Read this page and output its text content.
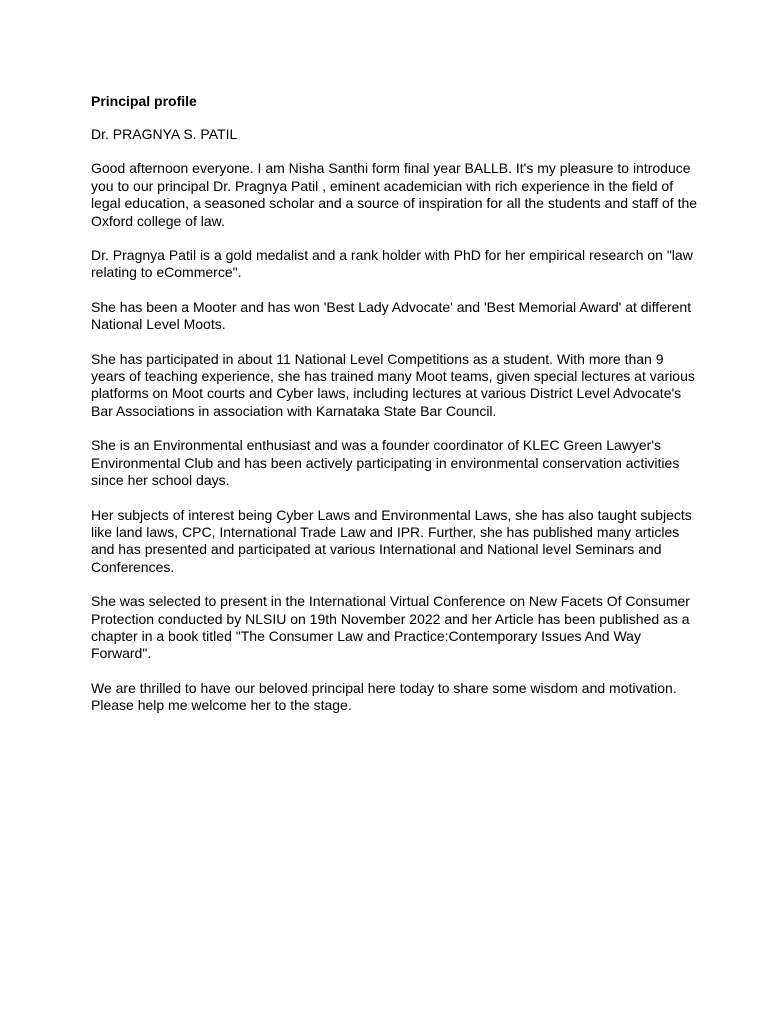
Principal profile

Dr. PRAGNYA S. PATIL

Good afternoon everyone. I am Nisha Santhi form final year BALLB. It's my pleasure to introduce you to our principal Dr. Pragnya Patil , eminent academician with rich experience in the field of legal education, a seasoned scholar and a source of inspiration for all the students and staff of the Oxford college of law.

Dr. Pragnya Patil is a gold medalist and a rank holder with PhD for her empirical research on "law relating to eCommerce".

She has been a Mooter and has won 'Best Lady Advocate' and 'Best Memorial Award' at different National Level Moots.

She has participated in about 11 National Level Competitions as a student. With more than 9 years of teaching experience, she has trained many Moot teams, given special lectures at various platforms on Moot courts and Cyber laws, including lectures at various District Level Advocate's Bar Associations in association with Karnataka State Bar Council.

She is an Environmental enthusiast and was a founder coordinator of KLEC Green Lawyer's Environmental Club and has been actively participating in environmental conservation activities since her school days.

Her subjects of interest being Cyber Laws and Environmental Laws, she has also taught subjects like land laws, CPC, International Trade Law and IPR. Further, she has published many articles and has presented and participated at various International and National level Seminars and Conferences.

She was selected to present in the International Virtual Conference on New Facets Of Consumer Protection conducted by NLSIU on 19th November 2022 and her Article has been published as a chapter in a book titled "The Consumer Law and Practice:Contemporary Issues And Way Forward".

We are thrilled to have our beloved principal here today to share some wisdom and motivation. Please help me welcome her to the stage.
